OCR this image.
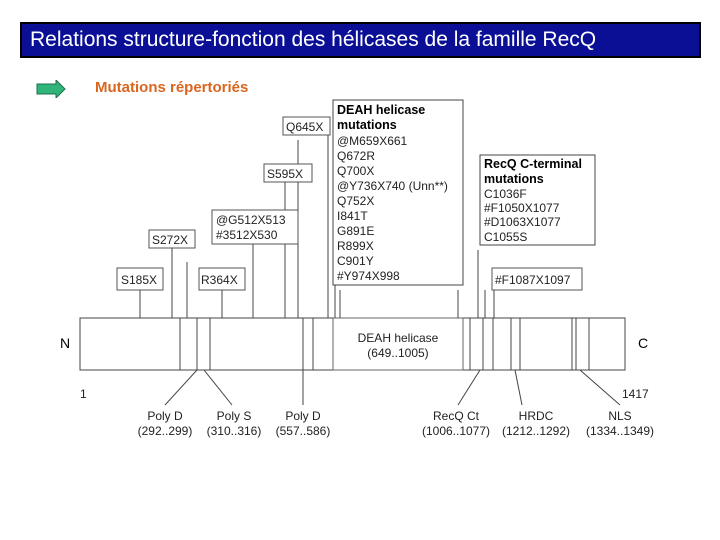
Relations structure-fonction des hélicases de la famille RecQ
Mutations répertoriés
S185X
S272X
R364X
@G512X513
#3512X530
S595X
Q645X
DEAH helicase
mutations
@M659X661
Q672R
Q700X
@Y736X740 (Unn**)
Q752X
I841T
G891E
R899X
C901Y
#Y974X998
RecQ C-terminal
mutations
C1036F
#F1050X1077
#D1063X1077
C1055S
#F1087X1097
N	C
1	1417
DEAH helicase
(649..1005)
Poly D
(292..299)
Poly S
(310..316)
Poly D
(557..586)
RecQ Ct
(1006..1077)
HRDC
(1212..1292)
NLS
(1334..1349)
